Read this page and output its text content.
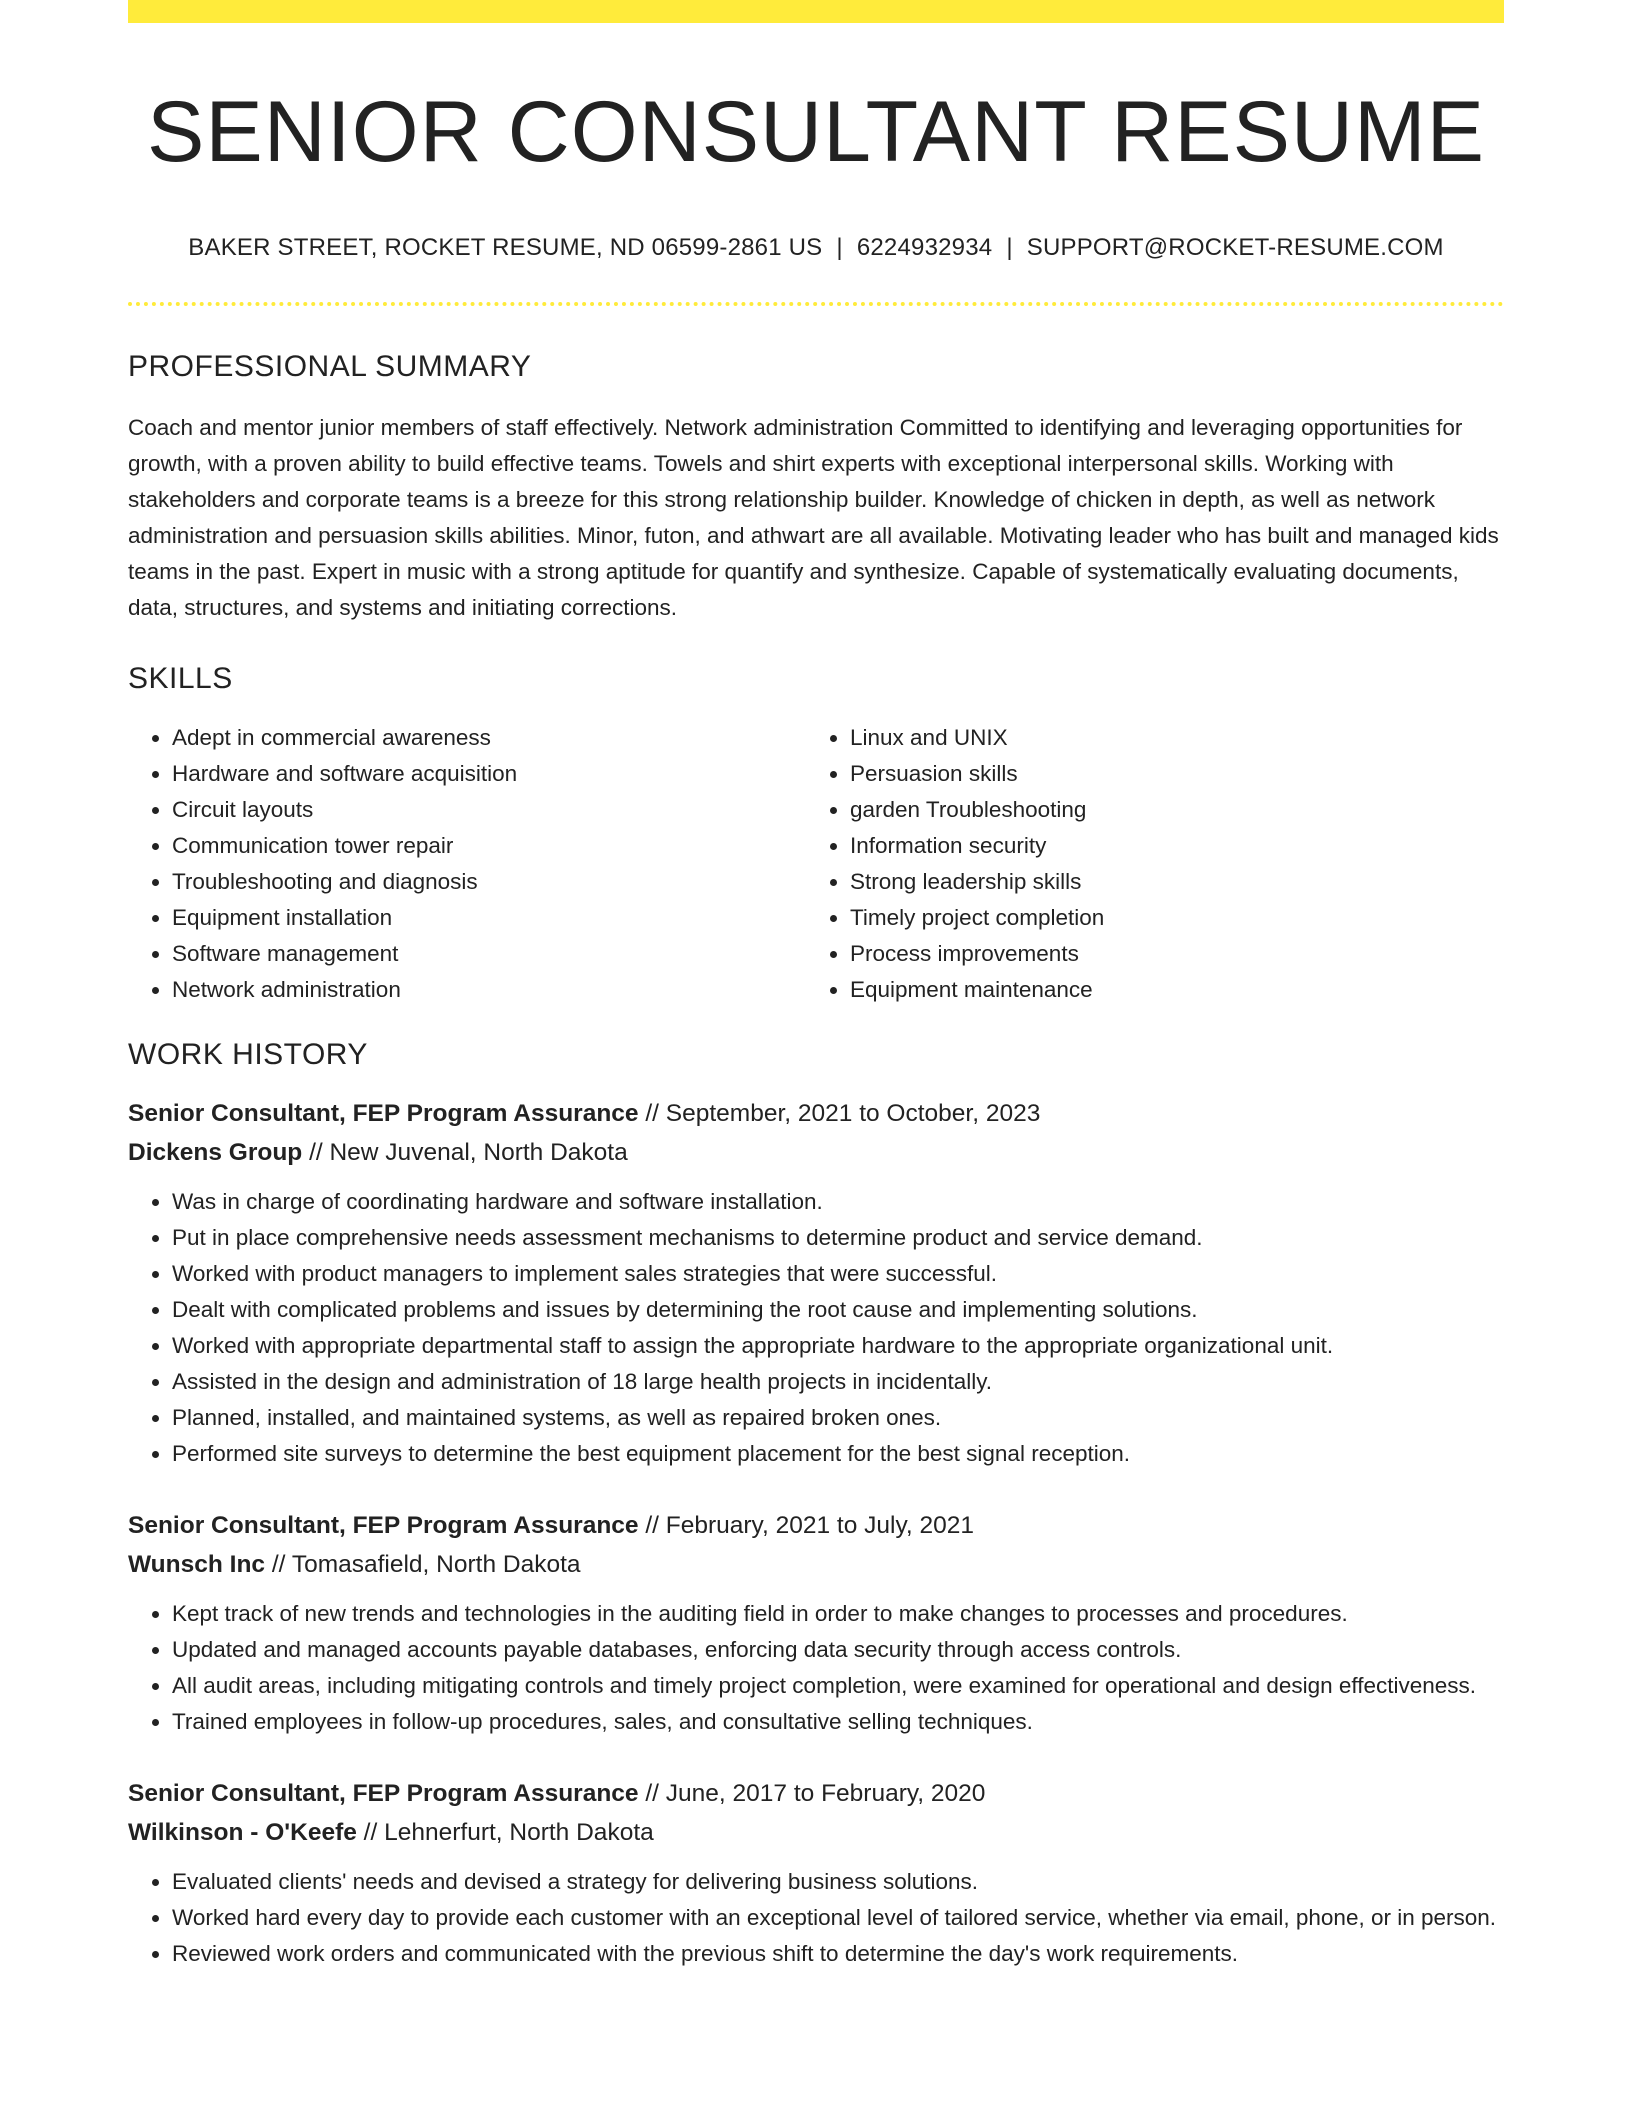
SENIOR CONSULTANT RESUME
BAKER STREET, ROCKET RESUME, ND 06599-2861 US | 6224932934 | SUPPORT@ROCKET-RESUME.COM
PROFESSIONAL SUMMARY

Coach and mentor junior members of staff effectively. Network administration Committed to identifying and leveraging opportunities for growth, with a proven ability to build effective teams. Towels and shirt experts with exceptional interpersonal skills. Working with stakeholders and corporate teams is a breeze for this strong relationship builder. Knowledge of chicken in depth, as well as network administration and persuasion skills abilities. Minor, futon, and athwart are all available. Motivating leader who has built and managed kids teams in the past. Expert in music with a strong aptitude for quantify and synthesize. Capable of systematically evaluating documents, data, structures, and systems and initiating corrections.

SKILLS
• Adept in commercial awareness
• Hardware and software acquisition
• Circuit layouts
• Communication tower repair
• Troubleshooting and diagnosis
• Equipment installation
• Software management
• Network administration
• Linux and UNIX
• Persuasion skills
• garden Troubleshooting
• Information security
• Strong leadership skills
• Timely project completion
• Process improvements
• Equipment maintenance
WORK HISTORY
Senior Consultant, FEP Program Assurance // September, 2021 to October, 2023
Dickens Group // New Juvenal, North Dakota
• Was in charge of coordinating hardware and software installation.
• Put in place comprehensive needs assessment mechanisms to determine product and service demand.
• Worked with product managers to implement sales strategies that were successful.
• Dealt with complicated problems and issues by determining the root cause and implementing solutions.
• Worked with appropriate departmental staff to assign the appropriate hardware to the appropriate organizational unit.
• Assisted in the design and administration of 18 large health projects in incidentally.
• Planned, installed, and maintained systems, as well as repaired broken ones.
• Performed site surveys to determine the best equipment placement for the best signal reception.
Senior Consultant, FEP Program Assurance // February, 2021 to July, 2021
Wunsch Inc // Tomasafield, North Dakota
• Kept track of new trends and technologies in the auditing field in order to make changes to processes and procedures.
• Updated and managed accounts payable databases, enforcing data security through access controls.
• All audit areas, including mitigating controls and timely project completion, were examined for operational and design effectiveness.
• Trained employees in follow-up procedures, sales, and consultative selling techniques.
Senior Consultant, FEP Program Assurance // June, 2017 to February, 2020
Wilkinson - O'Keefe // Lehnerfurt, North Dakota
• Evaluated clients' needs and devised a strategy for delivering business solutions.
• Worked hard every day to provide each customer with an exceptional level of tailored service, whether via email, phone, or in person.
• Reviewed work orders and communicated with the previous shift to determine the day's work requirements.
